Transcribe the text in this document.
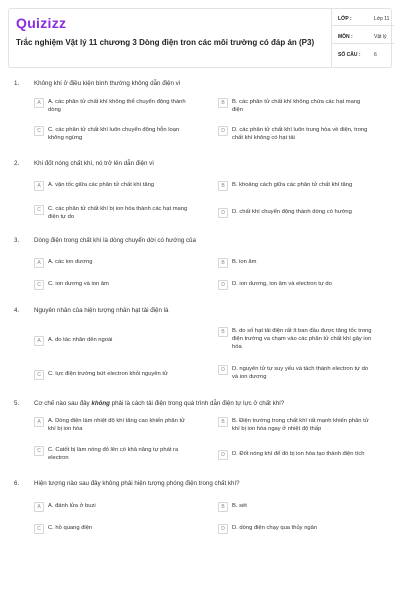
Quizizz
Trắc nghiệm Vật lý 11 chương 3 Dòng điện tron các môi trường có đáp án (P3)
LỚP :	Lớp 11
MÔN :	Vật lý
SỐ CÂU :	6
1. Không khí ở điều kiện bình thường không dẫn điện vì
A	A. các phân tử chất khí không thể chuyển động thành dòng
B	B. các phân tử chất khí không chứa các hạt mang điện
C	C. các phân tử chất khí luôn chuyển động hỗn loạn không ngừng
D	D. các phân tử chất khí luôn trung hòa về điện, trong chất khí không có hạt tải
2. Khi đốt nóng chất khí, nó trở lên dẫn điện vì
A	A. vận tốc giữa các phân tử chất khí tăng	B	B. khoảng cách giữa các phân tử chất khí tăng
C	C. các phân tử chất khí bị ion hóa thành các hạt mang điện tự do
D	D. chất khí chuyển động thành dòng có hướng
3. Dòng điện trong chất khí là dòng chuyển dời có hướng của
A	A. các ion dương	B	B. ion âm
C	C. ion dương và ion âm	D	D. ion dương, ion âm và electron tự do
4. Nguyên nhân của hiện tượng nhân hạt tải điện là
A	A. do tác nhân dên ngoài
B	B. do số hạt tải điện rất ít ban đầu được tăng tốc trong điện trường va chạm vào các phân tử chất khí gây ion hóa
C	C. lực điện trường bứt electron khỏi nguyên tử
D	D. nguyên tử tự suy yếu và tách thành electron tự do và ion dương
5. Cơ chế nào sau đây không phải là cách tải điện trong quá trình dẫn điện tự lực ở chất khí?
A	A. Dòng điện làm nhiệt độ khí tăng cao khiến phân tử khí bị ion hóa
B	B. Điện trường trong chất khí rất mạnh khiến phân tử khí bị ion hóa ngay ở nhiệt độ thấp
C	C. Catốt bị làm nóng đỏ lên có khả năng tự phát ra electron	D	D. Đốt nóng khí để đó bị ion hóa tạo thành điện tích
6. Hiện tượng nào sau đây không phải hiện tượng phóng điện trong chất khí?
A	A. đánh lửa ở buzi	B	B. sét
C	C. hồ quang điện	D	D. dòng điện chạy qua thủy ngân
